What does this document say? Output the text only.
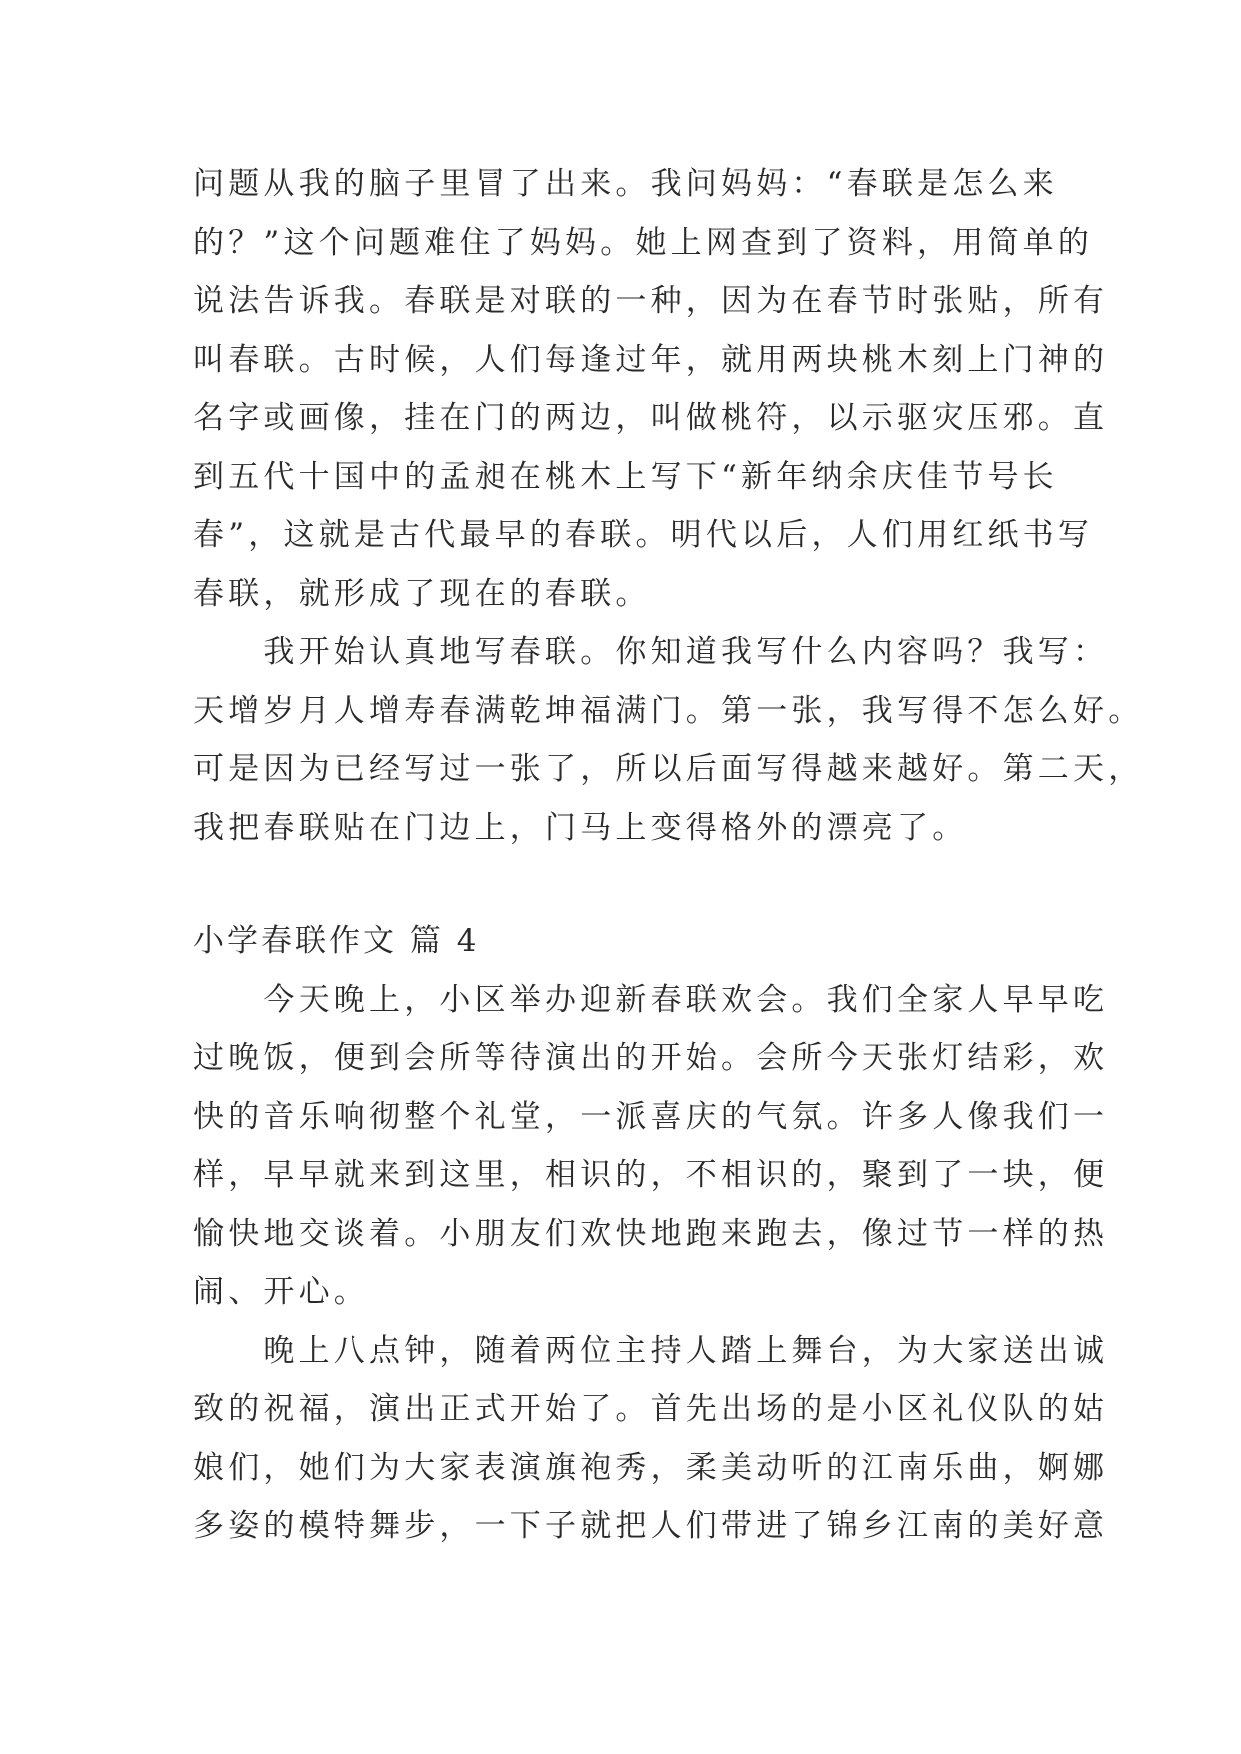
问题从我的脑子里冒了出来。我问妈妈：“春联是怎么来
的？”这个问题难住了妈妈。她上网查到了资料，用简单的
说法告诉我。春联是对联的一种，因为在春节时张贴，所有
叫春联。古时候，人们每逢过年，就用两块桃木刻上门神的
名字或画像，挂在门的两边，叫做桃符，以示驱灾压邪。直
到五代十国中的孟昶在桃木上写下“新年纳余庆佳节号长
春”，这就是古代最早的春联。明代以后，人们用红纸书写
春联，就形成了现在的春联。
　　我开始认真地写春联。你知道我写什么内容吗？我写：
天增岁月人增寿春满乾坤福满门。第一张，我写得不怎么好。
可是因为已经写过一张了，所以后面写得越来越好。第二天，
我把春联贴在门边上，门马上变得格外的漂亮了。
小学春联作文 篇 4
　　今天晚上，小区举办迎新春联欢会。我们全家人早早吃
过晚饭，便到会所等待演出的开始。会所今天张灯结彩，欢
快的音乐响彻整个礼堂，一派喜庆的气氛。许多人像我们一
样，早早就来到这里，相识的，不相识的，聚到了一块，便
愉快地交谈着。小朋友们欢快地跑来跑去，像过节一样的热
闹、开心。
　　晚上八点钟，随着两位主持人踏上舞台，为大家送出诚
致的祝福，演出正式开始了。首先出场的是小区礼仪队的姑
娘们，她们为大家表演旗袍秀，柔美动听的江南乐曲，婀娜
多姿的模特舞步，一下子就把人们带进了锦乡江南的美好意
